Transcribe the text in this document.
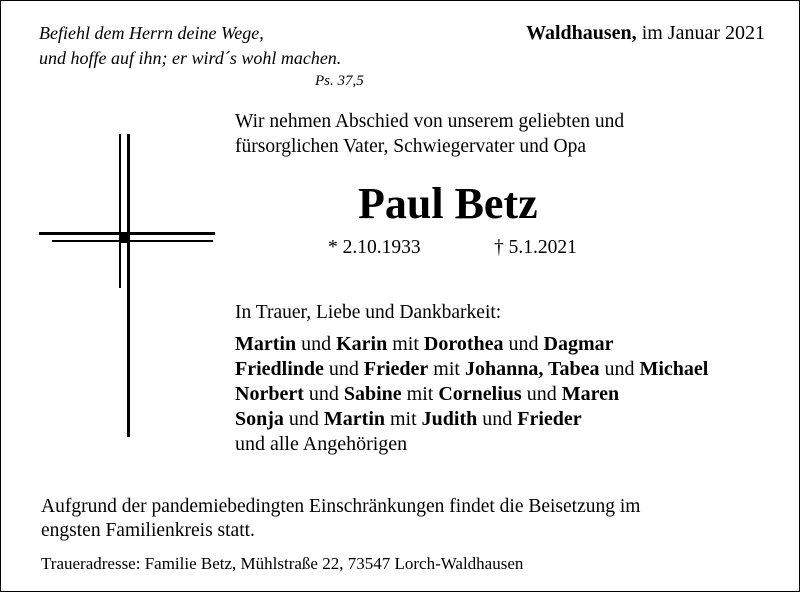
Befiehl dem Herrn deine Wege,
und hoffe auf ihn; er wird´s wohl machen.
Ps. 37,5
Waldhausen, im Januar 2021
Wir nehmen Abschied von unserem geliebten und
fürsorglichen Vater, Schwiegervater und Opa
Paul Betz
* 2.10.1933	† 5.1.2021
In Trauer, Liebe und Dankbarkeit:
Martin und Karin mit Dorothea und Dagmar
Friedlinde und Frieder mit Johanna, Tabea und Michael
Norbert und Sabine mit Cornelius und Maren
Sonja und Martin mit Judith und Frieder
und alle Angehörigen
Aufgrund der pandemiebedingten Einschränkungen findet die Beisetzung im
engsten Familienkreis statt.
Traueradresse: Familie Betz, Mühlstraße 22, 73547 Lorch-Waldhausen
